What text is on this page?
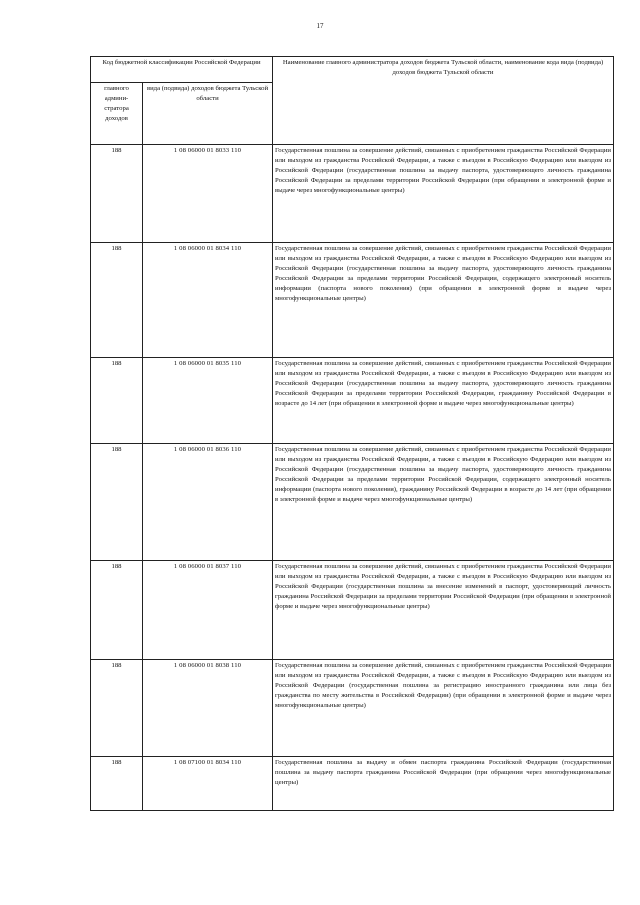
17
Код бюджетной классификации Российской Федерации		Наименование главного администратора доходов бюджета Тульской области, наименование кода вида (подвида) доходов бюджета Тульской области
главного админи-стратора доходов	вида (подвида) доходов бюджета Тульской области	
188	1 08 06000 01 8033 110	Государственная пошлина за совершение действий, связанных с приобретением гражданства Российской Федерации или выходом из гражданства Российской Федерации, а также с въездом в Российскую Федерацию или выездом из Российской Федерации (государственная пошлина за выдачу паспорта, удостоверяющего личность гражданина Российской Федерации за пределами территории Российской Федерации (при обращении в электронной форме и выдаче через многофункциональные центры)
188	1 08 06000 01 8034 110	Государственная пошлина за совершение действий, связанных с приобретением гражданства Российской Федерации или выходом из гражданства Российской Федерации, а также с въездом в Российскую Федерацию или выездом из Российской Федерации (государственная пошлина за выдачу паспорта, удостоверяющего личность гражданина Российской Федерации за пределами территории Российской Федерации, содержащего электронный носитель информации (паспорта нового поколения) (при обращении в электронной форме и выдаче через многофункциональные центры)
188	1 08 06000 01 8035 110	Государственная пошлина за совершение действий, связанных с приобретением гражданства Российской Федерации или выходом из гражданства Российской Федерации, а также с въездом в Российскую Федерацию или выездом из Российской Федерации (государственная пошлина за выдачу паспорта, удостоверяющего личность гражданина Российской Федерации за пределами территории Российской Федерации, гражданину Российской Федерации в возрасте до 14 лет (при обращении в электронной форме и выдаче через многофункциональные центры)
188	1 08 06000 01 8036 110	Государственная пошлина за совершение действий, связанных с приобретением гражданства Российской Федерации или выходом из гражданства Российской Федерации, а также с въездом в Российскую Федерацию или выездом из Российской Федерации (государственная пошлина за выдачу паспорта, удостоверяющего личность гражданина Российской Федерации за пределами территории Российской Федерации, содержащего электронный носитель информации (паспорта нового поколения), гражданину Российской Федерации в возрасте до 14 лет (при обращении в электронной форме и выдаче через многофункциональные центры)
188	1 08 06000 01 8037 110	Государственная пошлина за совершение действий, связанных с приобретением гражданства Российской Федерации или выходом из гражданства Российской Федерации, а также с въездом в Российскую Федерацию или выездом из Российской Федерации (государственная пошлина за внесение изменений в паспорт, удостоверяющий личность гражданина Российской Федерации за пределами территории Российской Федерации (при обращении в электронной форме и выдаче через многофункциональные центры)
188	1 08 06000 01 8038 110	Государственная пошлина за совершение действий, связанных с приобретением гражданства Российской Федерации или выходом из гражданства Российской Федерации, а также с въездом в Российскую Федерацию или выездом из Российской Федерации (государственная пошлина за регистрацию иностранного гражданина или лица без гражданства по месту жительства в Российской Федерации) (при обращении в электронной форме и выдаче через многофункциональные центры)
188	1 08 07100 01 8034 110	Государственная пошлина за выдачу и обмен паспорта гражданина Российской Федерации (государственная пошлина за выдачу паспорта гражданина Российской Федерации (при обращении через многофункциональные центры)
